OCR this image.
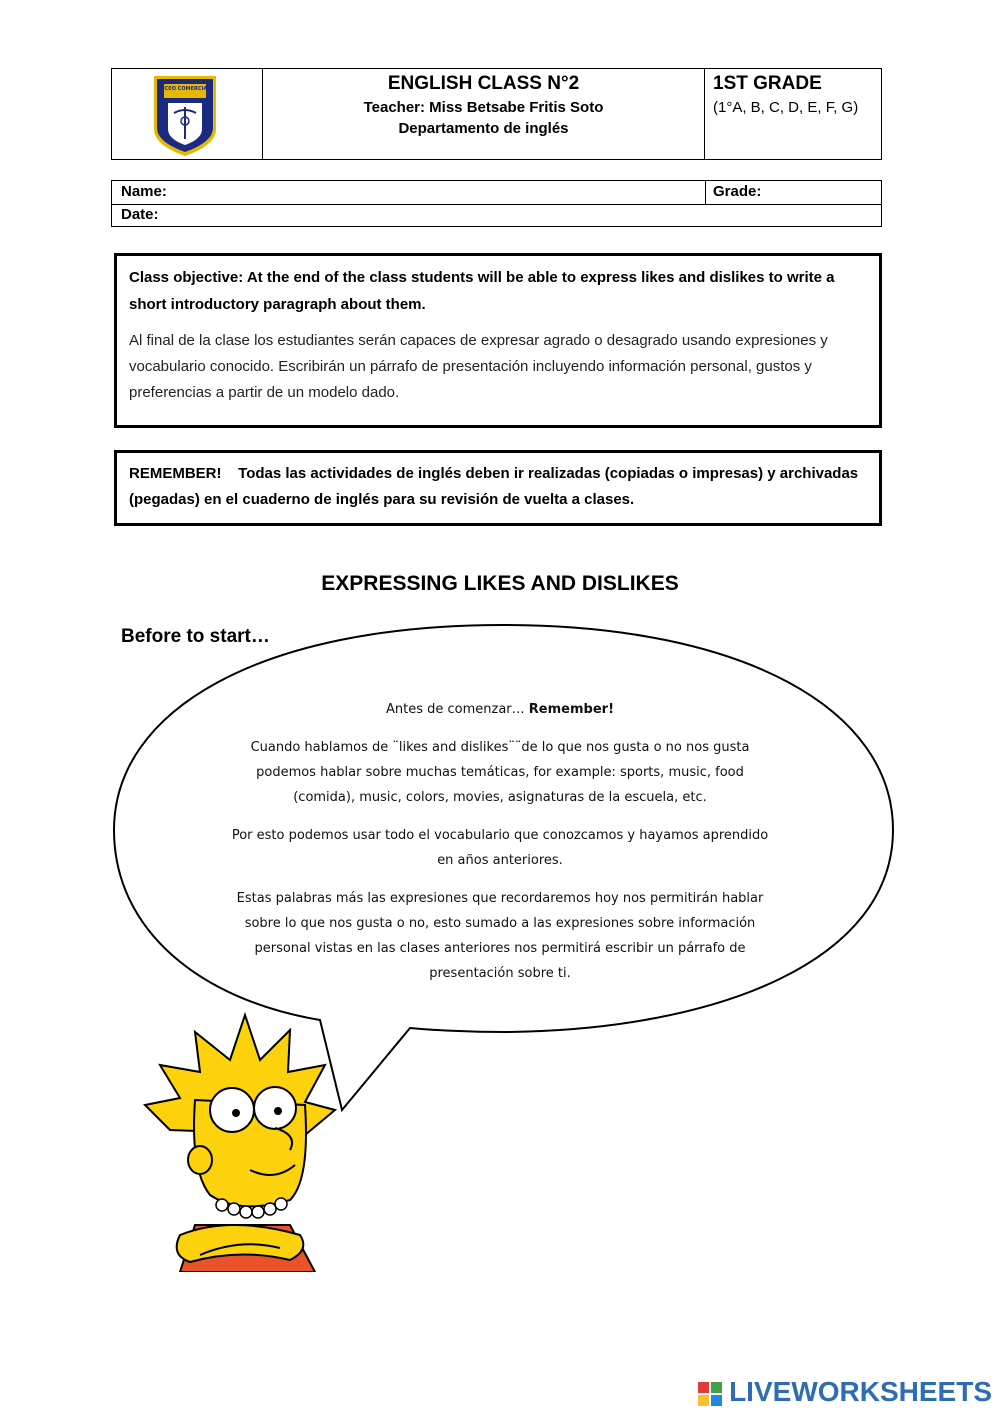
LICEO COMERCIAL	ENGLISH CLASS N°2
Teacher: Miss Betsabe Fritis Soto
Departamento de inglés
1ST GRADE
(1°A, B, C, D, E, F, G)
Name:	Grade:
Date:
Class objective: At the end of the class students will be able to express likes and dislikes to write a short introductory paragraph about them.
Al final de la clase los estudiantes serán capaces de expresar agrado o desagrado usando expresiones y vocabulario conocido. Escribirán un párrafo de presentación incluyendo información personal, gustos y preferencias a partir de un modelo dado.
REMEMBER!    Todas las actividades de inglés deben ir realizadas (copiadas o impresas) y archivadas (pegadas) en el cuaderno de inglés para su revisión de vuelta a clases.
EXPRESSING LIKES AND DISLIKES
Before to start…

Antes de comenzar… Remember!

Cuando hablamos de ¨likes and dislikes¨¨de lo que nos gusta o no nos gusta podemos hablar sobre muchas temáticas, for example: sports, music, food (comida), music, colors, movies, asignaturas de la escuela, etc.

Por esto podemos usar todo el vocabulario que conozcamos y hayamos aprendido en años anteriores.

Estas palabras más las expresiones que recordaremos hoy nos permitirán hablar sobre lo que nos gusta o no, esto sumado a las expresiones sobre información personal vistas en las clases anteriores nos permitirá escribir un párrafo de presentación sobre ti.

LIVEWORKSHEETS
